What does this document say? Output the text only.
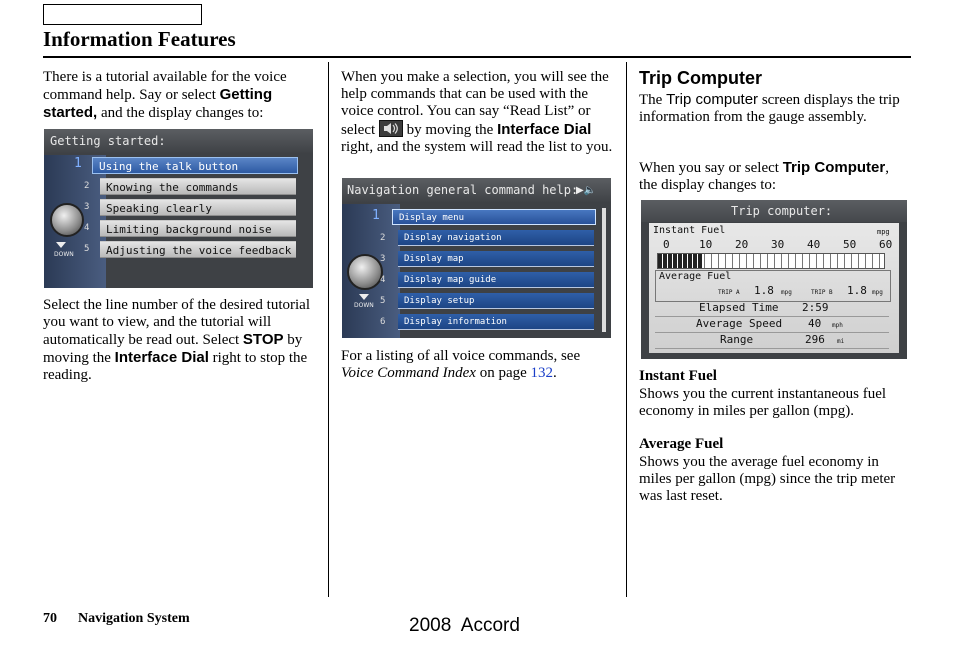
Information Features
There is a tutorial available for the voice command help. Say or select Getting started, and the display changes to:
Getting started:
DOWN
1	Using the talk button
2	Knowing the commands
3	Speaking clearly
4	Limiting background noise
5	Adjusting the voice feedback
Select the line number of the desired tutorial you want to view, and the tutorial will automatically be read out. Select STOP by moving the Interface Dial right to stop the reading.
When you make a selection, you will see the help commands that can be used with the voice control. You can say “Read List” or select
by moving the Interface Dial right, and the system will read the list to you.
Navigation general command help:
▶🔈
DOWN
1	Display menu
2	Display navigation
3	Display map
4	Display map guide
5	Display setup
6	Display information
For a listing of all voice commands, see Voice Command Index on page 132.
Trip Computer
The Trip computer screen displays the trip information from the gauge assembly.
When you say or select Trip Computer, the display changes to:
Trip computer:
Instant Fuel	mpg
Average Fuel
TRIP A 1.8 mpg	TRIP B 1.8 mpg
Elapsed Time 2:59
Average Speed 40 mph
Range	296 mi
0	10 20 30 40 50 60
Instant Fuel
Shows you the current instantaneous fuel economy in miles per gallon (mpg).
Average Fuel
Shows you the average fuel economy in miles per gallon (mpg) since the trip meter was last reset.
70 Navigation System	2008  Accord
